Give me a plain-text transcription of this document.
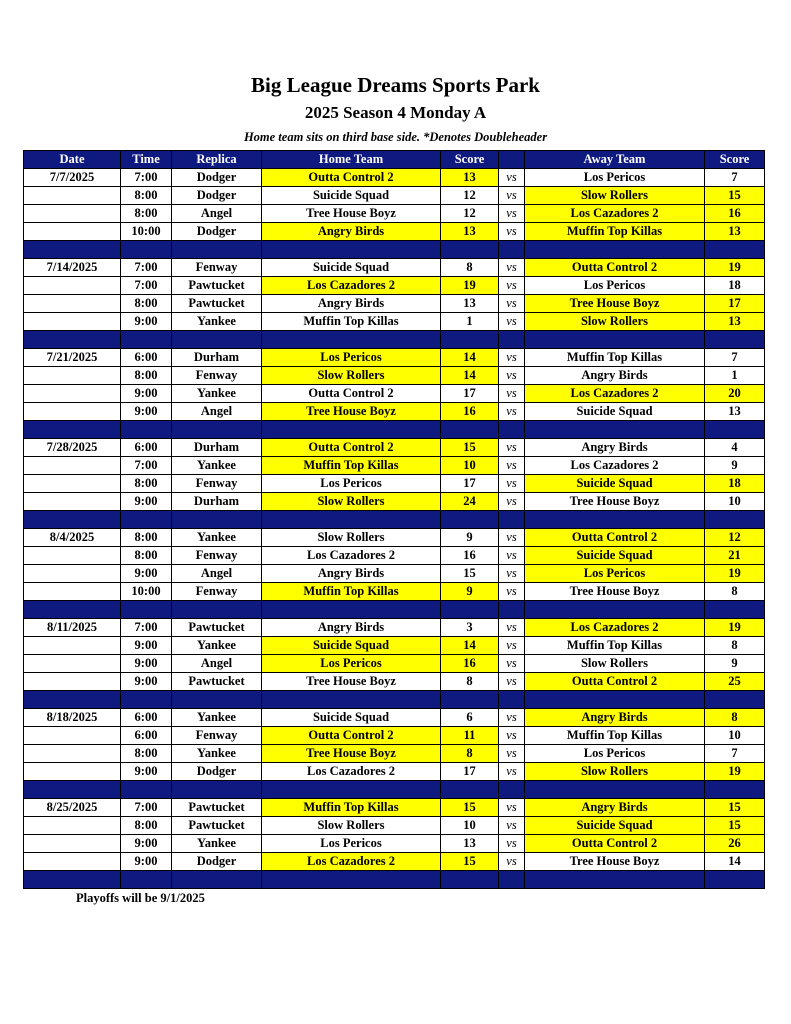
Big League Dreams Sports Park
2025 Season 4 Monday A
Home team sits on third base side. *Denotes Doubleheader
Date	Time	Replica	Home Team	Score		Away Team	Score
7/7/2025	7:00	Dodger	Outta Control 2	13	vs	Los Pericos	7
	8:00	Dodger	Suicide Squad	12	vs	Slow Rollers	15
	8:00	Angel	Tree House Boyz	12	vs	Los Cazadores 2	16
	10:00	Dodger	Angry Birds	13	vs	Muffin Top Killas	13

7/14/2025	7:00	Fenway	Suicide Squad	8	vs	Outta Control 2	19
	7:00	Pawtucket	Los Cazadores 2	19	vs	Los Pericos	18
	8:00	Pawtucket	Angry Birds	13	vs	Tree House Boyz	17
	9:00	Yankee	Muffin Top Killas	1	vs	Slow Rollers	13

7/21/2025	6:00	Durham	Los Pericos	14	vs	Muffin Top Killas	7
	8:00	Fenway	Slow Rollers	14	vs	Angry Birds	1
	9:00	Yankee	Outta Control 2	17	vs	Los Cazadores 2	20
	9:00	Angel	Tree House Boyz	16	vs	Suicide Squad	13

7/28/2025	6:00	Durham	Outta Control 2	15	vs	Angry Birds	4
	7:00	Yankee	Muffin Top Killas	10	vs	Los Cazadores 2	9
	8:00	Fenway	Los Pericos	17	vs	Suicide Squad	18
	9:00	Durham	Slow Rollers	24	vs	Tree House Boyz	10

8/4/2025	8:00	Yankee	Slow Rollers	9	vs	Outta Control 2	12
	8:00	Fenway	Los Cazadores 2	16	vs	Suicide Squad	21
	9:00	Angel	Angry Birds	15	vs	Los Pericos	19
	10:00	Fenway	Muffin Top Killas	9	vs	Tree House Boyz	8

8/11/2025	7:00	Pawtucket	Angry Birds	3	vs	Los Cazadores 2	19
	9:00	Yankee	Suicide Squad	14	vs	Muffin Top Killas	8
	9:00	Angel	Los Pericos	16	vs	Slow Rollers	9
	9:00	Pawtucket	Tree House Boyz	8	vs	Outta Control 2	25

8/18/2025	6:00	Yankee	Suicide Squad	6	vs	Angry Birds	8
	6:00	Fenway	Outta Control 2	11	vs	Muffin Top Killas	10
	8:00	Yankee	Tree House Boyz	8	vs	Los Pericos	7
	9:00	Dodger	Los Cazadores 2	17	vs	Slow Rollers	19

8/25/2025	7:00	Pawtucket	Muffin Top Killas	15	vs	Angry Birds	15
	8:00	Pawtucket	Slow Rollers	10	vs	Suicide Squad	15
	9:00	Yankee	Los Pericos	13	vs	Outta Control 2	26
	9:00	Dodger	Los Cazadores 2	15	vs	Tree House Boyz	14

Playoffs will be 9/1/2025
